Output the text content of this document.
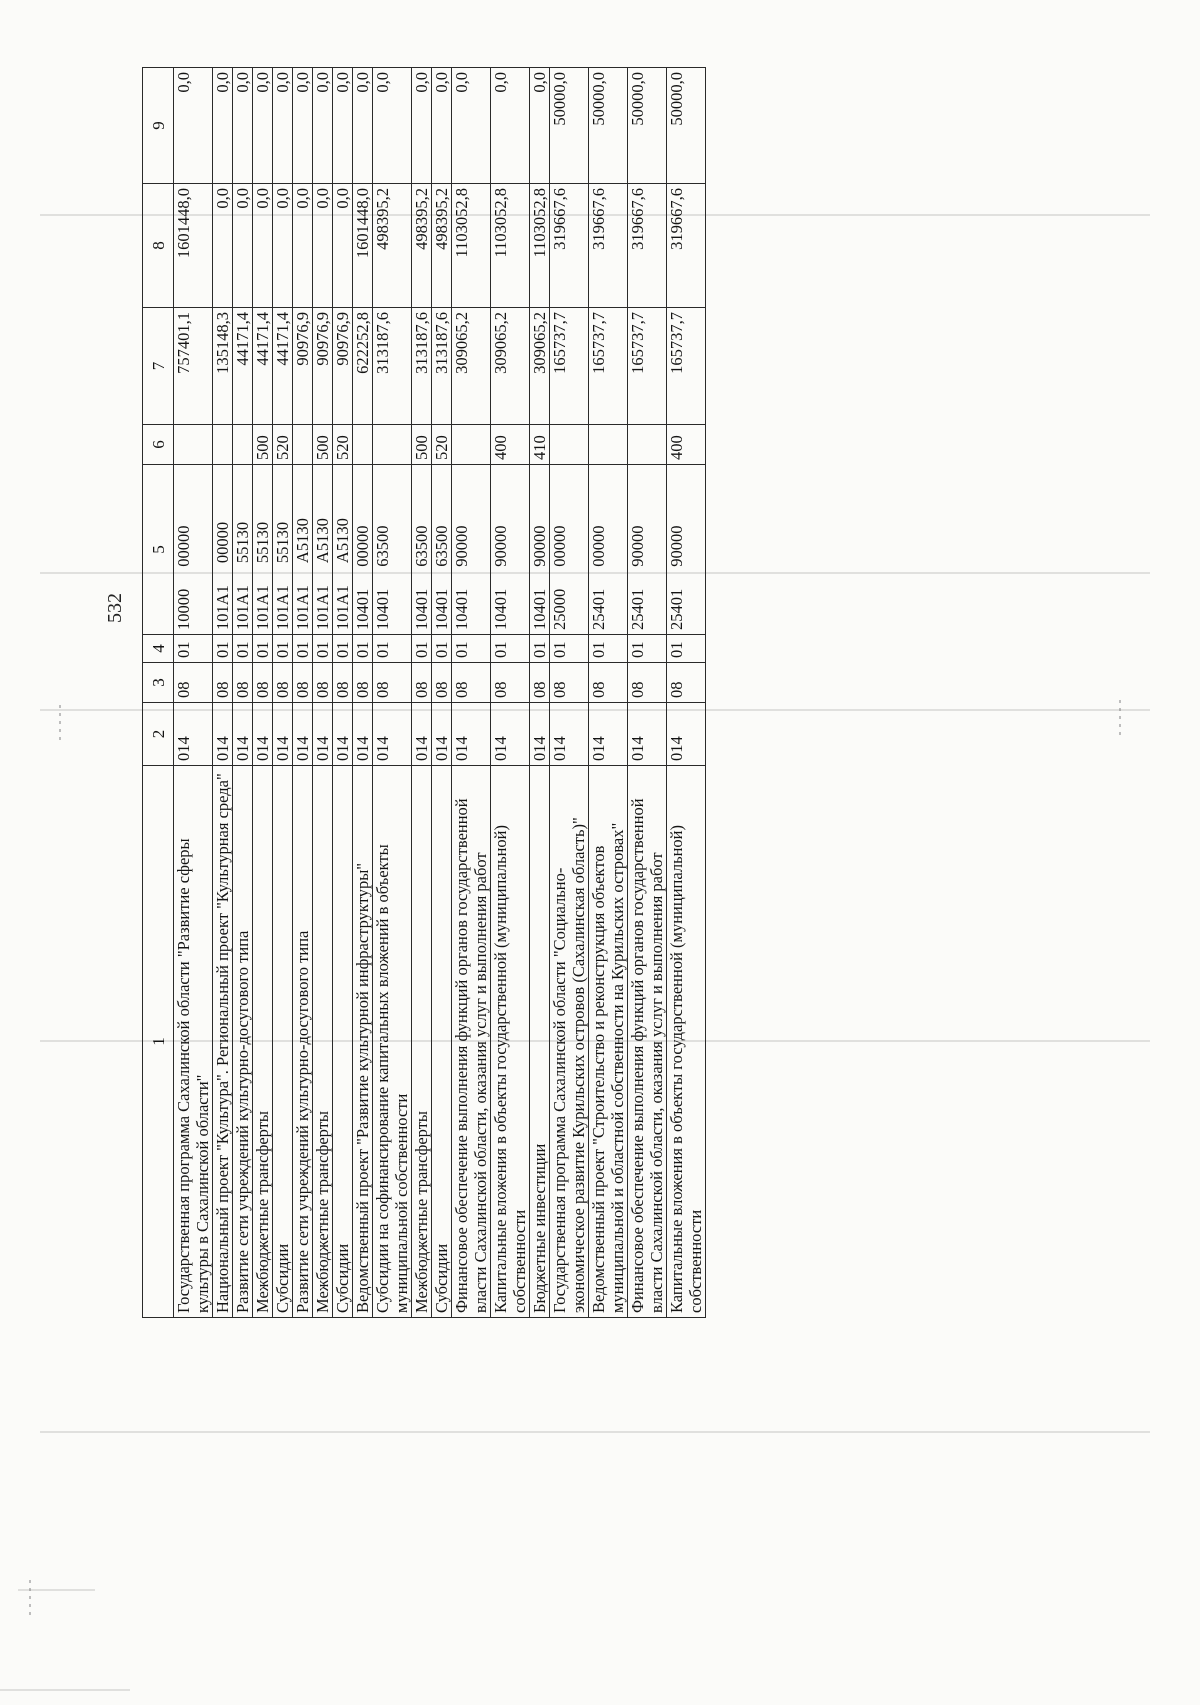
532
1	2	3	4	5	6	7	8	9
Государственная программа Сахалинской области "Развитие сферы культуры в Сахалинской области"	014	08	01	1000000000		757401,1	1601448,0	0,0
Национальный проект "Культура". Региональный проект "Культурная среда"	014	08	01	101A100000		135148,3	0,0	0,0
Развитие сети учреждений культурно-досугового типа	014	08	01	101A155130		44171,4	0,0	0,0
Межбюджетные трансферты	014	08	01	101A155130	500	44171,4	0,0	0,0
Субсидии	014	08	01	101A155130	520	44171,4	0,0	0,0
Развитие сети учреждений культурно-досугового типа	014	08	01	101A1A5130		90976,9	0,0	0,0
Межбюджетные трансферты	014	08	01	101A1A5130	500	90976,9	0,0	0,0
Субсидии	014	08	01	101A1A5130	520	90976,9	0,0	0,0
Ведомственный проект "Развитие культурной инфраструктуры"	014	08	01	1040100000		622252,8	1601448,0	0,0
Субсидии на софинансирование капитальных вложений в объекты муниципальной собственности	014	08	01	1040163500		313187,6	498395,2	0,0
Межбюджетные трансферты	014	08	01	1040163500	500	313187,6	498395,2	0,0
Субсидии	014	08	01	1040163500	520	313187,6	498395,2	0,0
Финансовое обеспечение выполнения функций органов государственной власти Сахалинской области, оказания услуг и выполнения работ	014	08	01	1040190000		309065,2	1103052,8	0,0
Капитальные вложения в объекты государственной (муниципальной) собственности	014	08	01	1040190000	400	309065,2	1103052,8	0,0
Бюджетные инвестиции	014	08	01	1040190000	410	309065,2	1103052,8	0,0
Государственная программа Сахалинской области "Социально-экономическое развитие Курильских островов (Сахалинская область)"	014	08	01	2500000000		165737,7	319667,6	50000,0
Ведомственный проект "Строительство и реконструкция объектов муниципальной и областной собственности на Курильских островах"	014	08	01	2540100000		165737,7	319667,6	50000,0
Финансовое обеспечение выполнения функций органов государственной власти Сахалинской области, оказания услуг и выполнения работ	014	08	01	2540190000		165737,7	319667,6	50000,0
Капитальные вложения в объекты государственной (муниципальной) собственности	014	08	01	2540190000	400	165737,7	319667,6	50000,0
